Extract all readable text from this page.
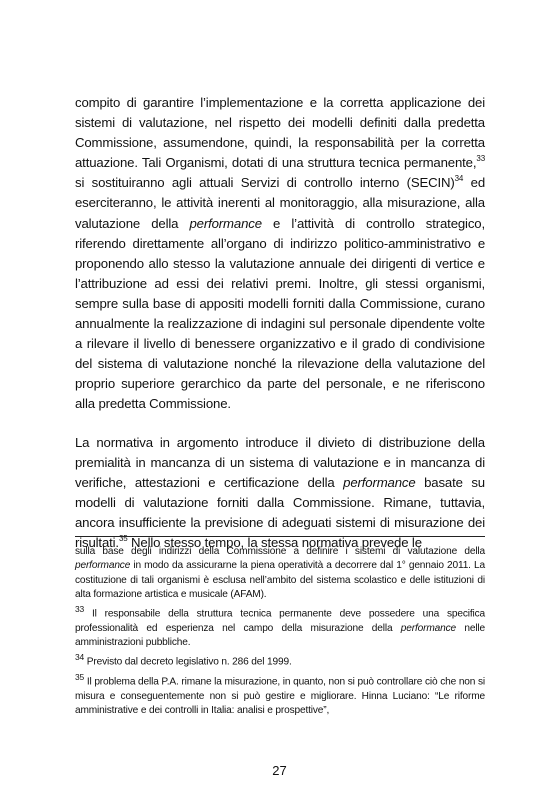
compito di garantire l’implementazione e la corretta applicazione dei sistemi di valutazione, nel rispetto dei modelli definiti dalla predetta Commissione, assumendone, quindi, la responsabilità per la corretta attuazione. Tali Organismi, dotati di una struttura tecnica permanente,$^{33}$ si sostituiranno agli attuali Servizi di controllo interno (SECIN)$^{34}$ ed eserciteranno, le attività inerenti al monitoraggio, alla misurazione, alla valutazione della performance e l’attività di controllo strategico, riferendo direttamente all’organo di indirizzo politico-amministrativo e proponendo allo stesso la valutazione annuale dei dirigenti di vertice e l’attribuzione ad essi dei relativi premi. Inoltre, gli stessi organismi, sempre sulla base di appositi modelli forniti dalla Commissione, curano annualmente la realizzazione di indagini sul personale dipendente volte a rilevare il livello di benessere organizzativo e il grado di condivisione del sistema di valutazione nonché la rilevazione della valutazione del proprio superiore gerarchico da parte del personale, e ne riferiscono alla predetta Commissione.

La normativa in argomento introduce il divieto di distribuzione della premialità in mancanza di un sistema di valutazione e in mancanza di verifiche, attestazioni e certificazione della performance basate su modelli di valutazione forniti dalla Commissione. Rimane, tuttavia, ancora insufficiente la previsione di adeguati sistemi di misurazione dei risultati.$^{35}$ Nello stesso tempo, la stessa normativa prevede le

sulla base degli indirizzi della Commissione a definire i sistemi di valutazione della performance in modo da assicurarne la piena operatività a decorrere dal 1° gennaio 2011. La costituzione di tali organismi è esclusa nell’ambito del sistema scolastico e delle istituzioni di alta formazione artistica e musicale (AFAM).

$^{33}$ Il responsabile della struttura tecnica permanente deve possedere una specifica professionalità ed esperienza nel campo della misurazione della performance nelle amministrazioni pubbliche.

$^{34}$ Previsto dal decreto legislativo n. 286 del 1999.

$^{35}$ Il problema della P.A. rimane la misurazione, in quanto, non si può controllare ciò che non si misura e conseguentemente non si può gestire e migliorare. Hinna Luciano: “Le riforme amministrative e dei controlli in Italia: analisi e prospettive”,

27
